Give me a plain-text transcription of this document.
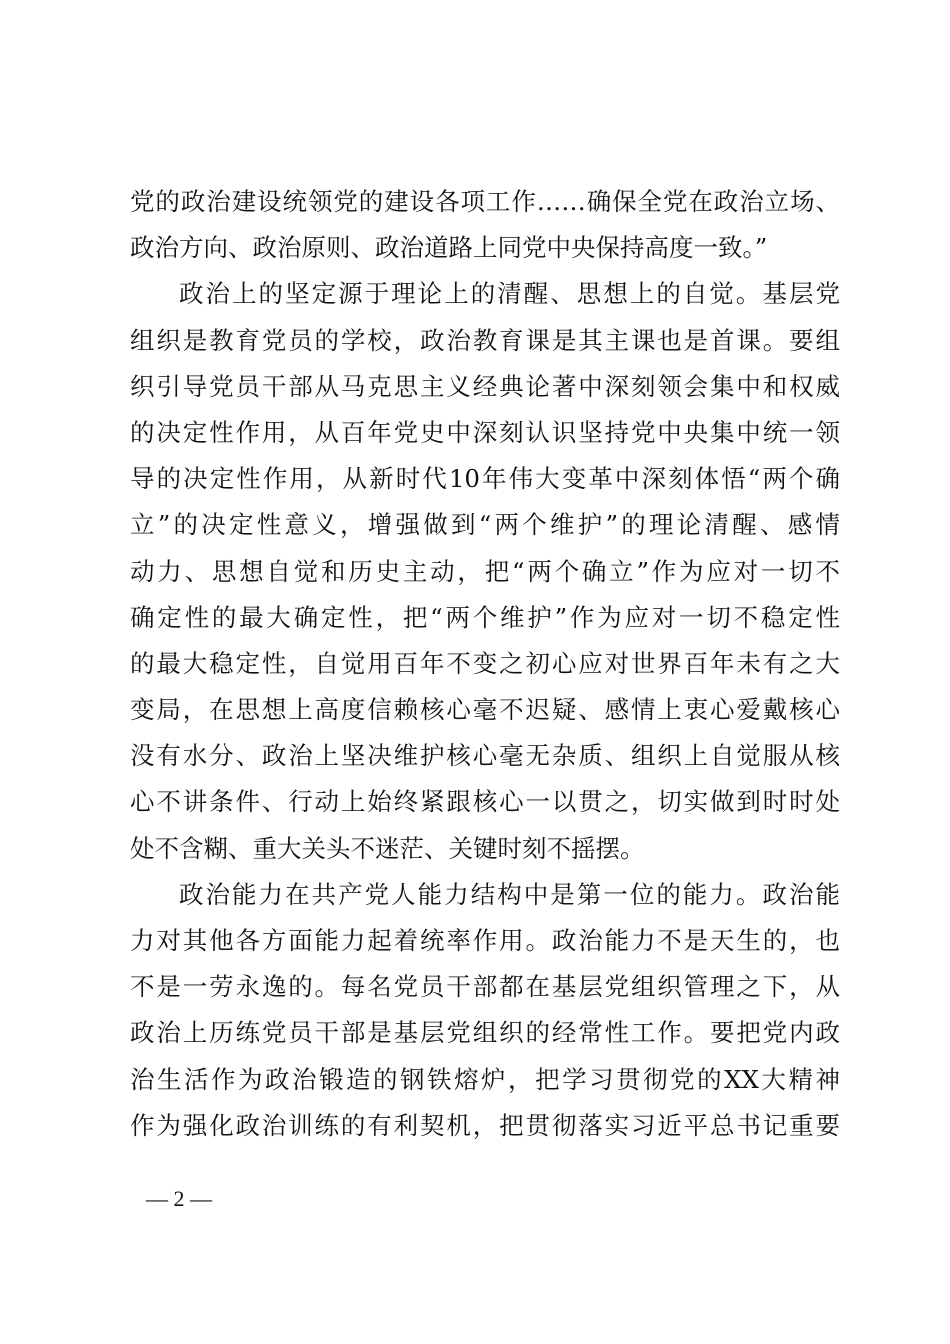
党的政治建设统领党的建设各项工作……确保全党在政治立场、
政治方向、政治原则、政治道路上同党中央保持高度一致。”
政治上的坚定源于理论上的清醒、思想上的自觉。基层党
组织是教育党员的学校，政治教育课是其主课也是首课。要组
织引导党员干部从马克思主义经典论著中深刻领会集中和权威
的决定性作用，从百年党史中深刻认识坚持党中央集中统一领
导的决定性作用，从新时代10年伟大变革中深刻体悟“两个确
立”的决定性意义，增强做到“两个维护”的理论清醒、感情
动力、思想自觉和历史主动，把“两个确立”作为应对一切不
确定性的最大确定性，把“两个维护”作为应对一切不稳定性
的最大稳定性，自觉用百年不变之初心应对世界百年未有之大
变局，在思想上高度信赖核心毫不迟疑、感情上衷心爱戴核心
没有水分、政治上坚决维护核心毫无杂质、组织上自觉服从核
心不讲条件、行动上始终紧跟核心一以贯之，切实做到时时处
处不含糊、重大关头不迷茫、关键时刻不摇摆。
政治能力在共产党人能力结构中是第一位的能力。政治能
力对其他各方面能力起着统率作用。政治能力不是天生的，也
不是一劳永逸的。每名党员干部都在基层党组织管理之下，从
政治上历练党员干部是基层党组织的经常性工作。要把党内政
治生活作为政治锻造的钢铁熔炉，把学习贯彻党的XX大精神
作为强化政治训练的有利契机，把贯彻落实习近平总书记重要
— 2 —
